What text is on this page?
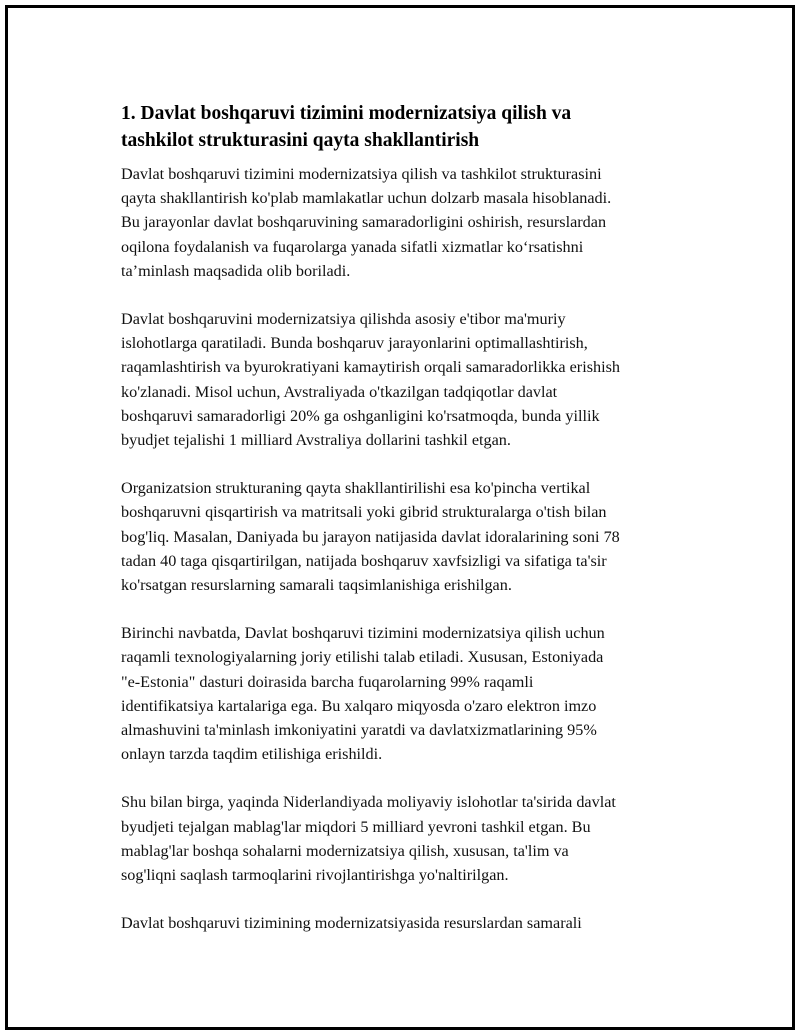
1. Davlat boshqaruvi tizimini modernizatsiya qilish va
tashkilot strukturasini qayta shakllantirish

Davlat boshqaruvi tizimini modernizatsiya qilish va tashkilot strukturasini
qayta shakllantirish ko'plab mamlakatlar uchun dolzarb masala hisoblanadi.
Bu jarayonlar davlat boshqaruvining samaradorligini oshirish, resurslardan
oqilona foydalanish va fuqarolarga yanada sifatli xizmatlar ko‘rsatishni
ta’minlash maqsadida olib boriladi.

Davlat boshqaruvini modernizatsiya qilishda asosiy e'tibor ma'muriy
islohotlarga qaratiladi. Bunda boshqaruv jarayonlarini optimallashtirish,
raqamlashtirish va byurokratiyani kamaytirish orqali samaradorlikka erishish
ko'zlanadi. Misol uchun, Avstraliyada o'tkazilgan tadqiqotlar davlat
boshqaruvi samaradorligi 20% ga oshganligini ko'rsatmoqda, bunda yillik
byudjet tejalishi 1 milliard Avstraliya dollarini tashkil etgan.

Organizatsion strukturaning qayta shakllantirilishi esa ko'pincha vertikal
boshqaruvni qisqartirish va matritsali yoki gibrid strukturalarga o'tish bilan
bog'liq. Masalan, Daniyada bu jarayon natijasida davlat idoralarining soni 78
tadan 40 taga qisqartirilgan, natijada boshqaruv xavfsizligi va sifatiga ta'sir
ko'rsatgan resurslarning samarali taqsimlanishiga erishilgan.

Birinchi navbatda, Davlat boshqaruvi tizimini modernizatsiya qilish uchun
raqamli texnologiyalarning joriy etilishi talab etiladi. Xususan, Estoniyada
"e-Estonia" dasturi doirasida barcha fuqarolarning 99% raqamli
identifikatsiya kartalariga ega. Bu xalqaro miqyosda o'zaro elektron imzo
almashuvini ta'minlash imkoniyatini yaratdi va davlatxizmatlarining 95%
onlayn tarzda taqdim etilishiga erishildi.

Shu bilan birga, yaqinda Niderlandiyada moliyaviy islohotlar ta'sirida davlat
byudjeti tejalgan mablag'lar miqdori 5 milliard yevroni tashkil etgan. Bu
mablag'lar boshqa sohalarni modernizatsiya qilish, xususan, ta'lim va
sog'liqni saqlash tarmoqlarini rivojlantirishga yo'naltirilgan.

Davlat boshqaruvi tizimining modernizatsiyasida resurslardan samarali
